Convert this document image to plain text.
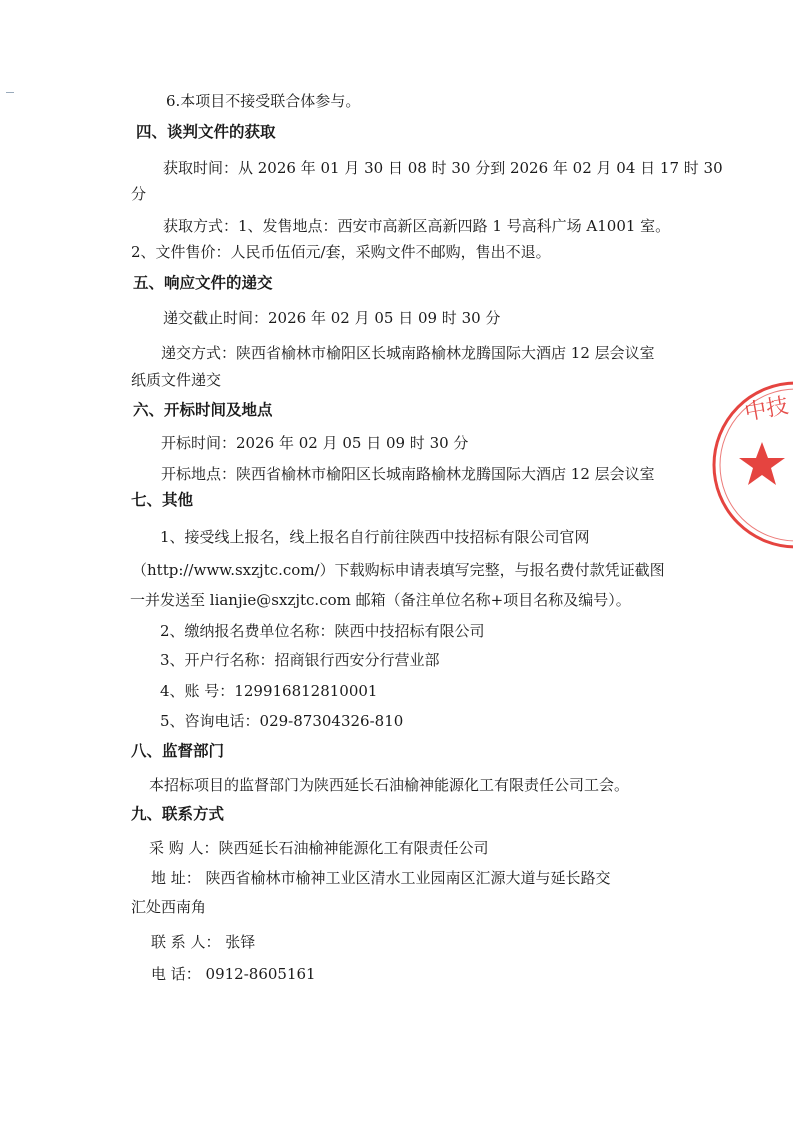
6.本项目不接受联合体参与。
四、谈判文件的获取
获取时间：从 2026 年 01 月 30 日 08 时 30 分到 2026 年 02 月 04 日 17 时 30
分
获取方式：1、发售地点：西安市高新区高新四路 1 号高科广场 A1001 室。
2、文件售价：人民币伍佰元/套，采购文件不邮购，售出不退。
五、响应文件的递交
递交截止时间：2026 年 02 月 05 日 09 时 30 分
递交方式：陕西省榆林市榆阳区长城南路榆林龙腾国际大酒店 12 层会议室
纸质文件递交
六、开标时间及地点
开标时间：2026 年 02 月 05 日 09 时 30 分
开标地点：陕西省榆林市榆阳区长城南路榆林龙腾国际大酒店 12 层会议室
七、其他
1、接受线上报名，线上报名自行前往陕西中技招标有限公司官网
（http://www.sxzjtc.com/）下载购标申请表填写完整，与报名费付款凭证截图
一并发送至 lianjie@sxzjtc.com 邮箱（备注单位名称+项目名称及编号）。
2、缴纳报名费单位名称：陕西中技招标有限公司
3、开户行名称：招商银行西安分行营业部
4、账 号：129916812810001
5、咨询电话：029-87304326-810
八、监督部门
本招标项目的监督部门为陕西延长石油榆神能源化工有限责任公司工会。
九、联系方式
采 购 人：陕西延长石油榆神能源化工有限责任公司
地 址： 陕西省榆林市榆神工业区清水工业园南区汇源大道与延长路交
汇处西南角
联 系 人： 张铎
电 话： 0912-8605161
中技
